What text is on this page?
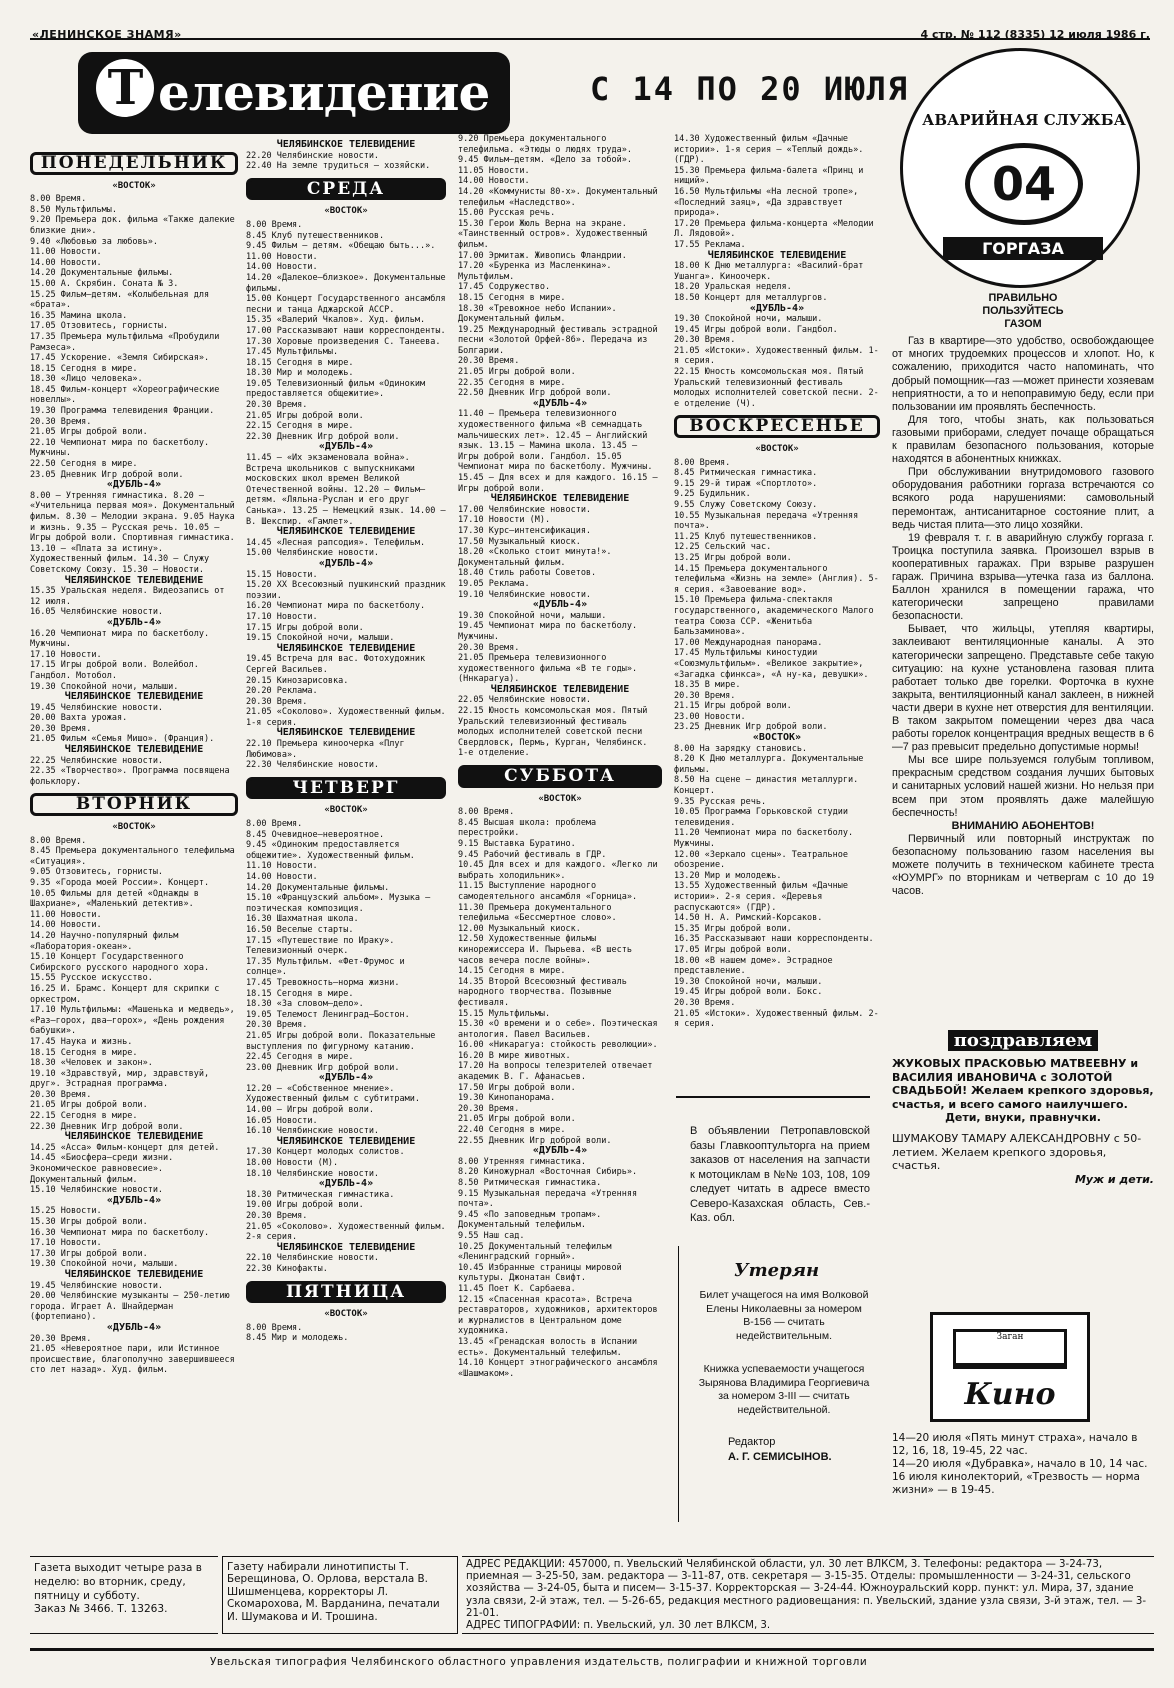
«ЛЕНИНСКОЕ ЗНАМЯ»	4 стр. № 112 (8335) 12 июля 1986 г.
Т елевидение	С 14 ПО 20 ИЮЛЯ
ПОНЕДЕЛЬНИК
«ВОСТОК»

8.00 Время.
8.50 Мультфильмы.
9.20 Премьера док. фильма «Также далекие близкие дни».
9.40 «Любовью за любовь».
11.00 Новости.
14.00 Новости.
14.20 Документальные фильмы.
15.00 А. Скрябин. Соната № 3.
15.25 Фильм—детям. «Колыбельная для «брата».
16.35 Мамина школа.
17.05 Отзовитесь, горнисты.
17.35 Премьера мультфильма «Пробудили Рамзеса».
17.45 Ускорение. «Земля Сибирская».
18.15 Сегодня в мире.
18.30 «Лицо человека».
18.45 Фильм-концерт «Хореографические новеллы».
19.30 Программа телевидения Франции.
20.30 Время.
21.05 Игры доброй воли.
22.10 Чемпионат мира по баскетболу. Мужчины.
22.50 Сегодня в мире.
23.05 Дневник Игр доброй воли.

«ДУБЛЬ-4»

8.00 — Утренняя гимнастика. 8.20 — «Учительница первая моя». Документальный фильм. 8.30 — Мелодии экрана. 9.05 Наука и жизнь. 9.35 — Русская речь. 10.05 — Игры доброй воли. Спортивная гимнастика. 13.10 — «Плата за истину». Художественный фильм. 14.30 — Служу Советскому Союзу. 15.30 — Новости.

ЧЕЛЯБИНСКОЕ ТЕЛЕВИДЕНИЕ

15.35 Уральская неделя. Видеозапись от 12 июля.
16.05 Челябинские новости.

«ДУБЛЬ-4»

16.20 Чемпионат мира по баскетболу. Мужчины.
17.10 Новости.
17.15 Игры доброй воли. Волейбол. Гандбол. Мотобол.
19.30 Спокойной ночи, малыши.

ЧЕЛЯБИНСКОЕ ТЕЛЕВИДЕНИЕ

19.45 Челябинские новости.
20.00 Вахта урожая.
20.30 Время.
21.05 Фильм «Семья Мишо». (Франция).

ЧЕЛЯБИНСКОЕ ТЕЛЕВИДЕНИЕ

22.25 Челябинские новости.
22.35 «Творчество». Программа посвящена фольклору.

ВТОРНИК
«ВОСТОК»

8.00 Время.
8.45 Премьера документального телефильма «Ситуация».
9.05 Отзовитесь, горнисты.
9.35 «Города моей России». Концерт.
10.05 Фильмы для детей «Однажды в Шахриане», «Маленький детектив».
11.00 Новости.
14.00 Новости.
14.20 Научно-популярный фильм «Лаборатория-океан».
15.10 Концерт Государственного Сибирского русского народного хора.
15.55 Русское искусство.
16.25 И. Брамс. Концерт для скрипки с оркестром.
17.10 Мультфильмы: «Машенька и медведь», «Раз—горох, два—горох», «День рождения бабушки».
17.45 Наука и жизнь.
18.15 Сегодня в мире.
18.30 «Человек и закон».
19.10 «Здравствуй, мир, здравствуй, друг». Эстрадная программа.
20.30 Время.
21.05 Игры доброй воли.
22.15 Сегодня в мире.
22.30 Дневник Игр доброй воли.

ЧЕЛЯБИНСКОЕ ТЕЛЕВИДЕНИЕ

14.25 «Асса» Фильм-концерт для детей.
14.45 «Биосфера—среди жизни. Экономическое равновесие». Документальный фильм.
15.10 Челябинские новости.

«ДУБЛЬ-4»

15.25 Новости.
15.30 Игры доброй воли.
16.30 Чемпионат мира по баскетболу.
17.10 Новости.
17.30 Игры доброй воли.
19.30 Спокойной ночи, малыши.

ЧЕЛЯБИНСКОЕ ТЕЛЕВИДЕНИЕ

19.45 Челябинские новости.
20.00 Челябинские музыканты — 250-летию города. Играет А. Шнайдерман (фортепиано).

«ДУБЛЬ-4»

20.30 Время.
21.05 «Невероятное пари, или Истинное происшествие, благополучно завершившееся сто лет назад». Худ. фильм.

ЧЕЛЯБИНСКОЕ ТЕЛЕВИДЕНИЕ

22.20 Челябинские новости.
22.40 На земле трудиться — хозяйски.

СРЕДА
«ВОСТОК»

8.00 Время.
8.45 Клуб путешественников.
9.45 Фильм — детям. «Обещаю быть...».
11.00 Новости.
14.00 Новости.
14.20 «Далекое—близкое». Документальные фильмы.
15.00 Концерт Государственного ансамбля песни и танца Аджарской АССР.
15.35 «Валерий Чкалов». Худ. фильм.
17.00 Рассказывают наши корреспонденты.
17.30 Хоровые произведения С. Танеева.
17.45 Мультфильмы.
18.15 Сегодня в мире.
18.30 Мир и молодежь.
19.05 Телевизионный фильм «Одиноким предоставляется общежитие».
20.30 Время.
21.05 Игры доброй воли.
22.15 Сегодня в мире.
22.30 Дневник Игр доброй воли.

«ДУБЛЬ-4»

11.45 — «Их экзаменовала война». Встреча школьников с выпускниками московских школ времен Великой Отечественной войны. 12.20 — Фильм—детям. «Ляльна-Руслан и его друг Санька». 13.25 — Немецкий язык. 14.00 — В. Шекспир. «Гамлет».

ЧЕЛЯБИНСКОЕ ТЕЛЕВИДЕНИЕ

14.45 «Лесная рапсодия». Телефильм.
15.00 Челябинские новости.

«ДУБЛЬ-4»

15.15 Новости.
15.20 XX Всесоюзный пушкинский праздник поэзии.
16.20 Чемпионат мира по баскетболу.
17.10 Новости.
17.15 Игры доброй воли.
19.15 Спокойной ночи, малыши.

ЧЕЛЯБИНСКОЕ ТЕЛЕВИДЕНИЕ

19.45 Встреча для вас. Фотохудожник Сергей Васильев.
20.15 Кинозарисовка.
20.20 Реклама.
20.30 Время.
21.05 «Соколово». Художественный фильм. 1-я серия.

ЧЕЛЯБИНСКОЕ ТЕЛЕВИДЕНИЕ

22.10 Премьера киноочерка «Плуг Любимова».
22.30 Челябинские новости.

ЧЕТВЕРГ
«ВОСТОК»

8.00 Время.
8.45 Очевидное—невероятное.
9.45 «Одиноким предоставляется общежитие». Художественный фильм.
11.10 Новости.
14.00 Новости.
14.20 Документальные фильмы.
15.10 «Французский альбом». Музыка — поэтическая композиция.
16.30 Шахматная школа.
16.50 Веселые старты.
17.15 «Путешествие по Ираку». Телевизионный очерк.
17.35 Мультфильм. «Фет-Фрумос и солнце».
17.45 Тревожность—норма жизни.
18.15 Сегодня в мире.
18.30 «За словом—дело».
19.05 Телемост Ленинград—Бостон.
20.30 Время.
21.05 Игры доброй воли. Показательные выступления по фигурному катанию.
22.45 Сегодня в мире.
23.00 Дневник Игр доброй воли.

«ДУБЛЬ-4»

12.20 — «Собственное мнение». Художественный фильм с субтитрами. 14.00 — Игры доброй воли.
16.05 Новости.
16.10 Челябинские новости.

ЧЕЛЯБИНСКОЕ ТЕЛЕВИДЕНИЕ

17.30 Концерт молодых солистов.
18.00 Новости (М).
18.10 Челябинские новости.

«ДУБЛЬ-4»

18.30 Ритмическая гимнастика.
19.00 Игры доброй воли.
20.30 Время.
21.05 «Соколово». Художественный фильм. 2-я серия.

ЧЕЛЯБИНСКОЕ ТЕЛЕВИДЕНИЕ

22.10 Челябинские новости.
22.30 Кинофакты.

ПЯТНИЦА
«ВОСТОК»

8.00 Время.
8.45 Мир и молодежь.

9.20 Премьера документального телефильма. «Этюды о людях труда».
9.45 Фильм—детям. «Дело за тобой».
11.05 Новости.
14.00 Новости.
14.20 «Коммунисты 80-х». Документальный телефильм «Наследство».
15.00 Русская речь.
15.30 Герои Жюль Верна на экране. «Таинственный остров». Художественный фильм.
17.00 Эрмитаж. Живопись Фландрии.
17.20 «Буренка из Масленкина». Мультфильм.
17.45 Содружество.
18.15 Сегодня в мире.
18.30 «Тревожное небо Испании». Документальный фильм.
19.25 Международный фестиваль эстрадной песни «Золотой Орфей-86». Передача из Болгарии.
20.30 Время.
21.05 Игры доброй воли.
22.35 Сегодня в мире.
22.50 Дневник Игр доброй воли.

«ДУБЛЬ-4»

11.40 — Премьера телевизионного художественного фильма «В семнадцать мальчишеских лет». 12.45 — Английский язык. 13.15 — Мамина школа. 13.45 — Игры доброй воли. Гандбол. 15.05 Чемпионат мира по баскетболу. Мужчины. 15.45 — Для всех и для каждого. 16.15 — Игры доброй воли.

ЧЕЛЯБИНСКОЕ ТЕЛЕВИДЕНИЕ

17.00 Челябинские новости.
17.10 Новости (М).
17.30 Курс—интенсификация.
17.50 Музыкальный киоск.
18.20 «Сколько стоит минута!». Документальный фильм.
18.40 Стиль работы Советов.
19.05 Реклама.
19.10 Челябинские новости.

«ДУБЛЬ-4»

19.30 Спокойной ночи, малыши.
19.45 Чемпионат мира по баскетболу. Мужчины.
20.30 Время.
21.05 Премьера телевизионного художественного фильма «В те годы». (Ннкарагуа).

ЧЕЛЯБИНСКОЕ ТЕЛЕВИДЕНИЕ

22.05 Челябинские новости.
22.15 Юность комсомольская моя. Пятый Уральский телевизионный фестиваль молодых исполнителей советской песни Свердловск, Пермь, Курган, Челябинск. 1-е отделение.

СУББОТА
«ВОСТОК»

8.00 Время.
8.45 Высшая школа: проблема перестройки.
9.15 Выставка Буратино.
9.45 Рабочий фестиваль в ГДР.
10.45 Для всех и для каждого. «Легко ли выбрать холодильник».
11.15 Выступление народного самодеятельного ансамбля «Горница».
11.30 Премьера документального телефильма «Бессмертное слово».
12.00 Музыкальный киоск.
12.50 Художественные фильмы кинорежиссера И. Пырьева. «В шесть часов вечера после войны».
14.15 Сегодня в мире.
14.35 Второй Всесоюзный фестиваль народного творчества. Позывные фестиваля.
15.15 Мультфильмы.
15.30 «О времени и о себе». Поэтическая антология. Павел Васильев.
16.00 «Никарагуа: стойкость революции».
16.20 В мире животных.
17.20 На вопросы телезрителей отвечает академик В. Г. Афанасьев.
17.50 Игры доброй воли.
19.30 Кинопанорама.
20.30 Время.
21.05 Игры доброй воли.
22.40 Сегодня в мире.
22.55 Дневник Игр доброй воли.

«ДУБЛЬ-4»

8.00 Утренняя гимнастика.
8.20 Киножурнал «Восточная Сибирь».
8.50 Ритмическая гимнастика.
9.15 Музыкальная передача «Утренняя почта».
9.45 «По заповедным тропам». Документальный телефильм.
9.55 Наш сад.
10.25 Документальный телефильм «Ленинградский горный».
10.45 Избранные страницы мировой культуры. Джонатан Свифт.
11.45 Поет К. Сарбаева.
12.15 «Спасенная красота». Встреча реставраторов, художников, архитекторов и журналистов в Центральном доме художника.
13.45 «Гренадская волость в Испании есть». Документальный телефильм.
14.10 Концерт этнографического ансамбля «Шашмаком».

14.30 Художественный фильм «Дачные истории». 1-я серия — «Теплый дождь». (ГДР).
15.30 Премьера фильма-балета «Принц и нищий».
16.50 Мультфильмы «На лесной тропе», «Последний заяц», «Да здравствует природа».
17.20 Премьера фильма-концерта «Мелодии Л. Лядовой».
17.55 Реклама.

ЧЕЛЯБИНСКОЕ ТЕЛЕВИДЕНИЕ

18.00 К Дню металлурга: «Василий-брат Ушанга». Киноочерк.
18.20 Уральская неделя.
18.50 Концерт для металлургов.

«ДУБЛЬ-4»

19.30 Спокойной ночи, малыши.
19.45 Игры доброй воли. Гандбол.
20.30 Время.
21.05 «Истоки». Художественный фильм. 1-я серия.
22.15 Юность комсомольская моя. Пятый Уральский телевизионный фестиваль молодых исполнителей советской песни. 2-е отделение (Ч).

ВОСКРЕСЕНЬЕ
«ВОСТОК»

8.00 Время.
8.45 Ритмическая гимнастика.
9.15 29-й тираж «Спортлото».
9.25 Будильник.
9.55 Служу Советскому Союзу.
10.55 Музыкальная передача «Утренняя почта».
11.25 Клуб путешественников.
12.25 Сельский час.
13.25 Игры доброй воли.
14.15 Премьера документального телефильма «Жизнь на земле» (Англия). 5-я серия. «Завоевание вод».
15.10 Премьера фильма-спектакля государственного, академического Малого театра Союза ССР. «Женитьба Бальзаминова».
17.00 Международная панорама.
17.45 Мультфильмы киностудии «Союзмультфильм». «Великое закрытие», «Загадка сфинкса», «А ну-ка, девушки».
18.35 В мире.
20.30 Время.
21.15 Игры доброй воли.
23.00 Новости.
23.25 Дневник Игр доброй воли.

«ВОСТОК»

8.00 На зарядку становись.
8.20 К Дню металлурга. Документальные фильмы.
8.50 На сцене — династия металлурги. Концерт.
9.35 Русская речь.
10.05 Программа Горьковской студии телевидения.
11.20 Чемпионат мира по баскетболу. Мужчины.
12.00 «Зеркало сцены». Театральное обозрение.
13.20 Мир и молодежь.
13.55 Художественный фильм «Дачные истории». 2-я серия. «Деревья распускаются» (ГДР).
14.50 Н. А. Римский-Корсаков.
15.35 Игры доброй воли.
16.35 Рассказывают наши корреспонденты.
17.05 Игры доброй воли.
18.00 «В нашем доме». Эстрадное представление.
19.30 Спокойной ночи, малыши.
19.45 Игры доброй воли. Бокс.
20.30 Время.
21.05 «Истоки». Художественный фильм. 2-я серия.

В объявлении Петропавловской базы Главкооптульторга на прием заказов от населения на запчасти к мотоциклам в №№ 103, 108, 109 следует читать в адресе вместо Северо-Казахская область, Сев.-Каз. обл.
Утерян
Билет учащегося на имя Волковой Елены Николаевны за номером В-156 — считать недействительным.
Книжка успеваемости учащегося Зырянова Владимира Георгиевича за номером 3-III — считать недействительной.
Редактор
А. Г. СЕМИСЫНОВ.
АВАРИЙНАЯ СЛУЖБА
04
ГОРГАЗА
ПРАВИЛЬНО ПОЛЬЗУЙТЕСЬ ГАЗОМ

Газ в квартире—это удобство, освобождающее от многих трудоемких процессов и хлопот. Но, к сожалению, приходится часто напоминать, что добрый помощник—газ —может принести хозяевам неприятности, а то и непоправимую беду, если при пользовании им проявлять беспечность.

Для того, чтобы знать, как пользоваться газовыми приборами, следует почаще обращаться к правилам безопасного пользования, которые находятся в абонентных книжках.

При обслуживании внутридомового газового оборудования работники горгаза встречаются со всякого рода нарушениями: самовольный перемонтаж, антисанитарное состояние плит, а ведь чистая плита—это лицо хозяйки.

19 февраля т. г. в аварийную службу горгаза г. Троицка поступила заявка. Произошел взрыв в кооперативных гаражах. При взрыве разрушен гараж. Причина взрыва—утечка газа из баллона. Баллон хранился в помещении гаража, что категорически запрещено правилами безопасности.

Бывает, что жильцы, утепляя квартиры, заклеивают вентиляционные каналы. А это категорически запрещено. Представьте себе такую ситуацию: на кухне установлена газовая плита работает только две горелки. Форточка в кухне закрыта, вентиляционный канал заклеен, в нижней части двери в кухне нет отверстия для вентиляции. В таком закрытом помещении через два часа работы горелок концентрация вредных веществ в 6—7 раз превысит предельно допустимые нормы!

Мы все шире пользуемся голубым топливом, прекрасным средством создания лучших бытовых и санитарных условий нашей жизни. Но нельзя при всем при этом проявлять даже малейшую беспечность!

ВНИМАНИЮ АБОНЕНТОВ!

Первичный или повторный инструктаж по безопасному пользованию газом населения вы можете получить в техническом кабинете треста «ЮУМРГ» по вторникам и четвергам с 10 до 19 часов.

поздравляем
ЖУКОВЫХ ПРАСКОВЬЮ МАТВЕЕВНУ и ВАСИЛИЯ ИВАНОВИЧА с ЗОЛОТОЙ СВАДЬБОЙ! Желаем крепкого здоровья, счастья, и всего самого наилучшего.
Дети, внуки, правнучки.
ШУМАКОВУ ТАМАРУ АЛЕКСАНДРОВНУ с 50-летием. Желаем крепкого здоровья, счастья.
Муж и дети.
Заган
Кино

14—20 июля «Пять минут страха», начало в 12, 16, 18, 19-45, 22 час.

14—20 июля «Дубравка», начало в 10, 14 час.

16 июля кинолекторий, «Трезвость — норма жизни» — в 19-45.

Газета выходит четыре раза в неделю: во вторник, среду, пятницу и субботу.
Заказ № 3466. Т. 13263.
Газету набирали линотиписты Т. Берещинова, О. Орлова, верстала В. Шишменцева, корректоры Л. Скомарохова, М. Варданина, печатали И. Шумакова и И. Трошина.
АДРЕС РЕДАКЦИИ: 457000, п. Увельский Челябинской области, ул. 30 лет ВЛКСМ, 3. Телефоны: редактора — 3-24-73, приемная — 3-25-50, зам. редактора — 3-11-87, отв. секретаря — 3-15-35. Отделы: промышленности — 3-24-31, сельского хозяйства — 3-24-05, быта и писем— 3-15-37. Корректорская — 3-24-44. Южноуральский корр. пункт: ул. Мира, 37, здание узла связи, 2-й этаж, тел. — 5-26-65, редакция местного радиовещания: п. Увельский, здание узла связи, 3-й этаж, тел. — 3-21-01.
АДРЕС ТИПОГРАФИИ: п. Увельский, ул. 30 лет ВЛКСМ, 3.
Увельская типография Челябинского областного управления издательств, полиграфии и книжной торговли
